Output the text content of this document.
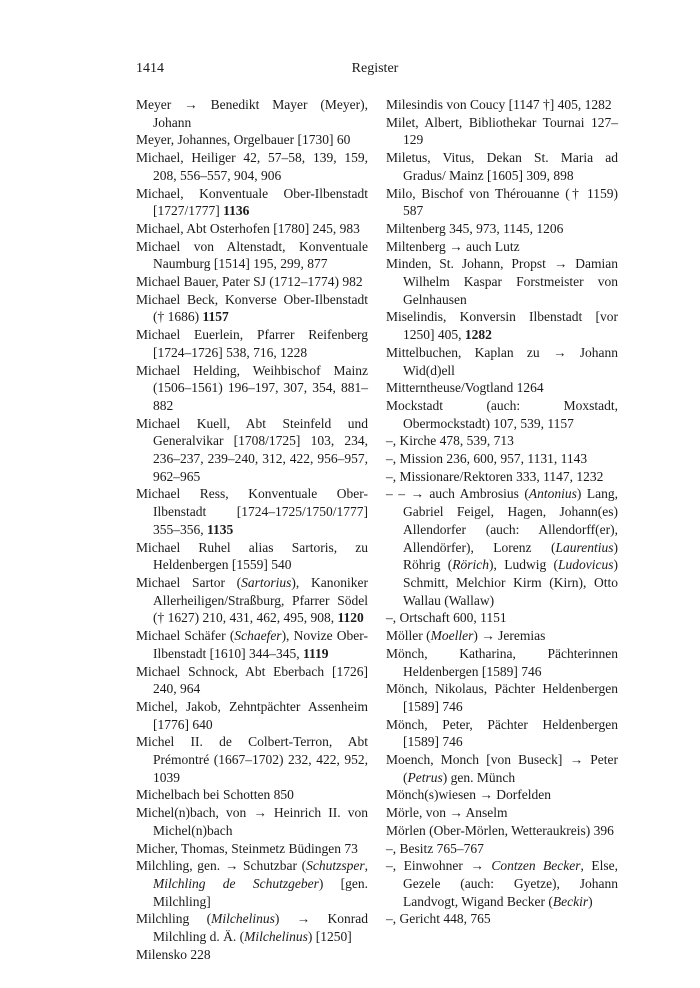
1414	Register

Meyer → Benedikt Mayer (Meyer), Johann

Meyer, Johannes, Orgelbauer [1730] 60

Michael, Heiliger 42, 57–58, 139, 159, 208, 556–557, 904, 906

Michael, Konventuale Ober-Ilbenstadt [1727/1777] 1136

Michael, Abt Osterhofen [1780] 245, 983

Michael von Altenstadt, Konventuale Naumburg [1514] 195, 299, 877

Michael Bauer, Pater SJ (1712–1774) 982

Michael Beck, Konverse Ober-Ilbenstadt († 1686) 1157

Michael Euerlein, Pfarrer Reifenberg [1724–1726] 538, 716, 1228

Michael Helding, Weihbischof Mainz (1506–1561) 196–197, 307, 354, 881–882

Michael Kuell, Abt Steinfeld und Generalvikar [1708/1725] 103, 234, 236–237, 239–240, 312, 422, 956–957, 962–965

Michael Ress, Konventuale Ober-Ilbenstadt [1724–1725/1750/1777] 355–356, 1135

Michael Ruhel alias Sartoris, zu Heldenbergen [1559] 540

Michael Sartor (Sartorius), Kanoniker Allerheiligen/Straßburg, Pfarrer Södel († 1627) 210, 431, 462, 495, 908, 1120

Michael Schäfer (Schaefer), Novize Ober-Ilbenstadt [1610] 344–345, 1119

Michael Schnock, Abt Eberbach [1726] 240, 964

Michel, Jakob, Zehntpächter Assenheim [1776] 640

Michel II. de Colbert-Terron, Abt Prémontré (1667–1702) 232, 422, 952, 1039

Michelbach bei Schotten 850

Michel(n)bach, von → Heinrich II. von Michel(n)bach

Micher, Thomas, Steinmetz Büdingen 73

Milchling, gen. → Schutzbar (Schutzsper, Milchling de Schutzgeber) [gen. Milchling]

Milchling (Milchelinus) → Konrad Milchling d. Ä. (Milchelinus) [1250]

Milensko 228

Milesindis von Coucy [1147 †] 405, 1282

Milet, Albert, Bibliothekar Tournai 127–129

Miletus, Vitus, Dekan St. Maria ad Gradus/ Mainz [1605] 309, 898

Milo, Bischof von Thérouanne († 1159) 587

Miltenberg 345, 973, 1145, 1206

Miltenberg → auch Lutz

Minden, St. Johann, Propst → Damian Wilhelm Kaspar Forstmeister von Gelnhausen

Miselindis, Konversin Ilbenstadt [vor 1250] 405, 1282

Mittelbuchen, Kaplan zu → Johann Wid(d)ell

Mitterntheuse/Vogtland 1264

Mockstadt (auch: Moxstadt, Obermockstadt) 107, 539, 1157

–, Kirche 478, 539, 713

–, Mission 236, 600, 957, 1131, 1143

–, Missionare/Rektoren 333, 1147, 1232

– – → auch Ambrosius (Antonius) Lang, Gabriel Feigel, Hagen, Johann(es) Allendorfer (auch: Allendorff(er), Allendörfer), Lorenz (Laurentius) Röhrig (Rörich), Ludwig (Ludovicus) Schmitt, Melchior Kirm (Kirn), Otto Wallau (Wallaw)

–, Ortschaft 600, 1151

Möller (Moeller) → Jeremias

Mönch, Katharina, Pächterinnen Heldenbergen [1589] 746

Mönch, Nikolaus, Pächter Heldenbergen [1589] 746

Mönch, Peter, Pächter Heldenbergen [1589] 746

Moench, Monch [von Buseck] → Peter (Petrus) gen. Münch

Mönch(s)wiesen → Dorfelden

Mörle, von → Anselm

Mörlen (Ober-Mörlen, Wetteraukreis) 396

–, Besitz 765–767

–, Einwohner → Contzen Becker, Else, Gezele (auch: Gyetze), Johann Landvogt, Wigand Becker (Beckir)

–, Gericht 448, 765
